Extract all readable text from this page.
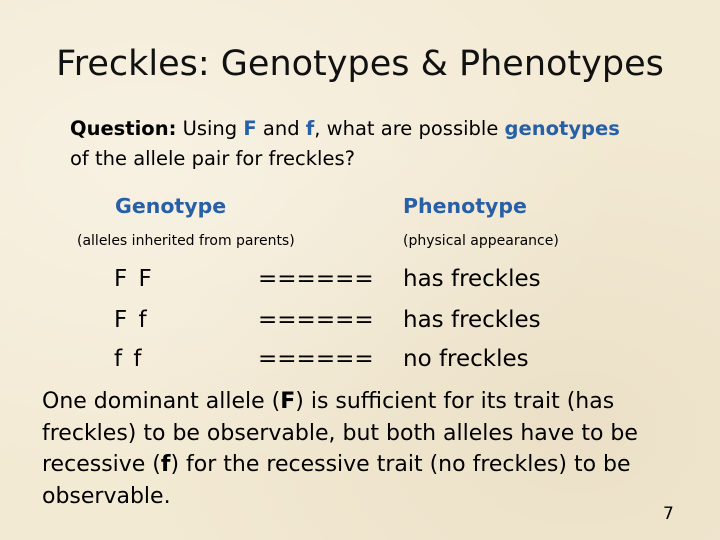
Freckles: Genotypes & Phenotypes
Question: Using F and f, what are possible genotypes
of the allele pair for freckles?
Genotype	Phenotype
(alleles inherited from parents)	(physical appearance)
F F	====== has freckles
F f	====== has freckles
f f	====== no freckles
One dominant allele (F) is sufficient for its trait (has freckles) to be observable, but both alleles have to be recessive (f) for the recessive trait (no freckles) to be observable.
7
